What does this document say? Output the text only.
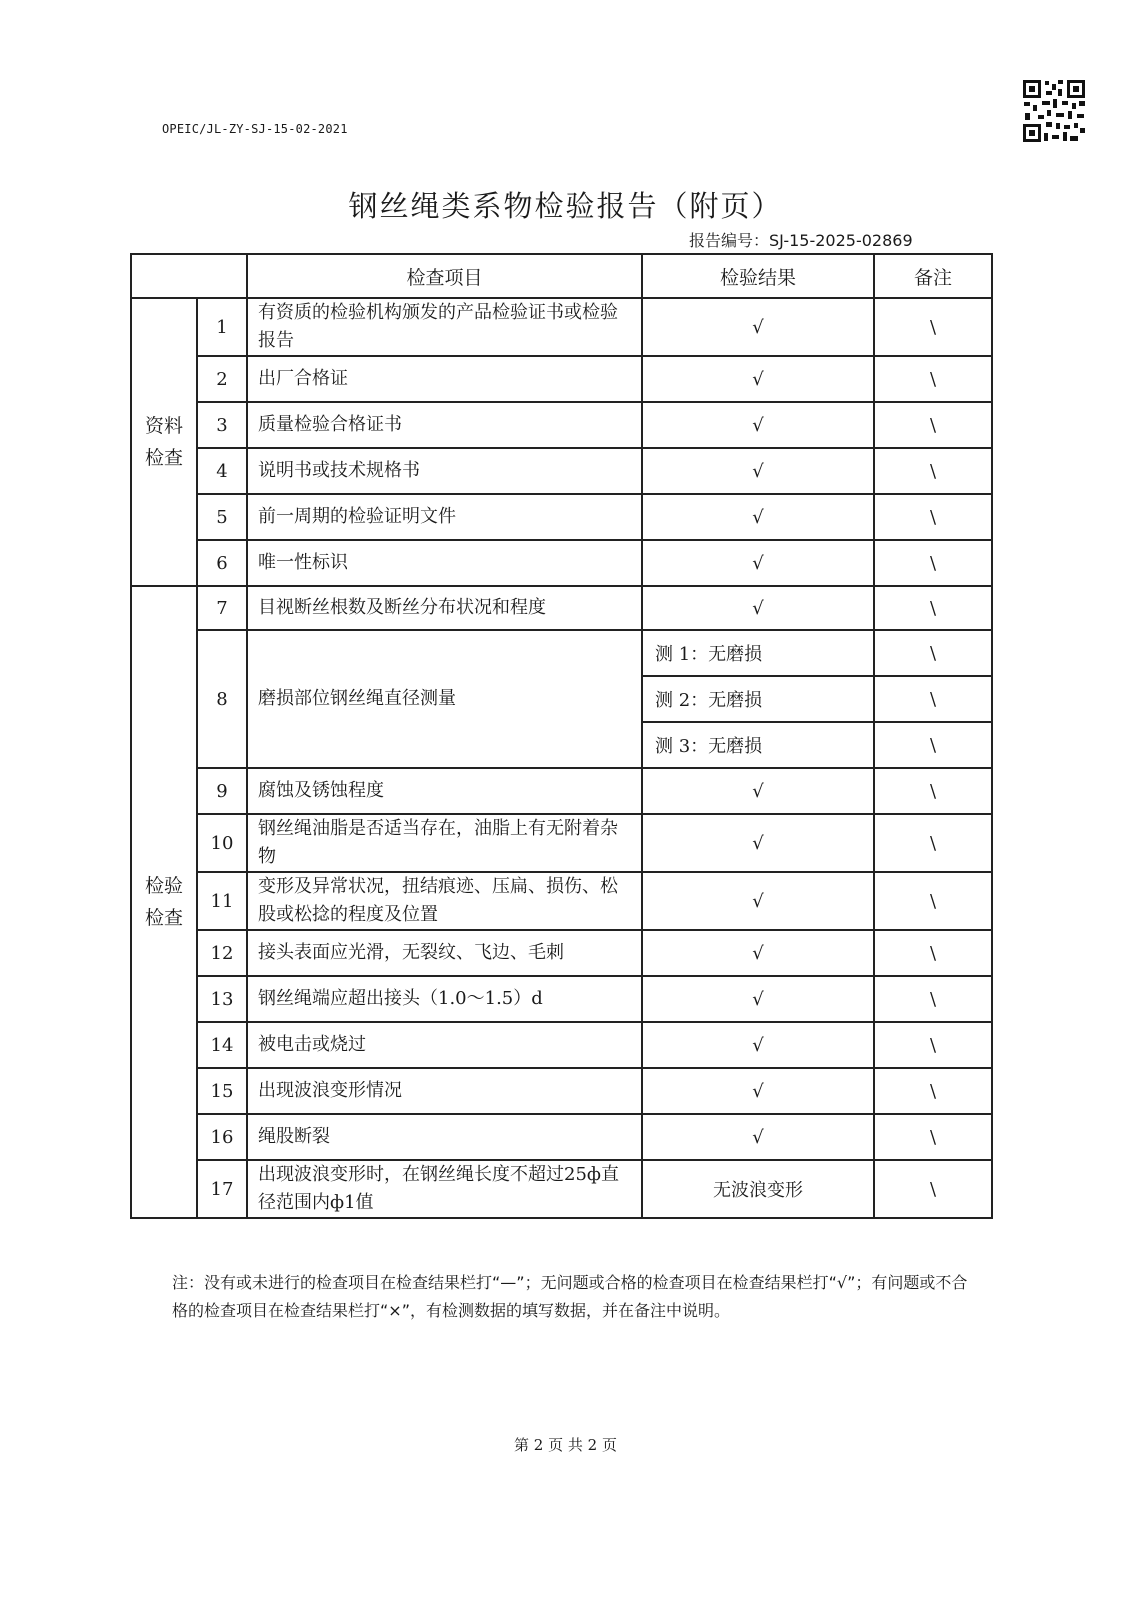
OPEIC/JL-ZY-SJ-15-02-2021
钢丝绳类系物检验报告（附页）
报告编号：SJ-15-2025-02869
		检查项目	检验结果	备注
资料检查	1	有资质的检验机构颁发的产品检验证书或检验报告	√	\
	2	出厂合格证	√	\
	3	质量检验合格证书	√	\
	4	说明书或技术规格书	√	\
	5	前一周期的检验证明文件	√	\
	6	唯一性标识	√	\
检验检查	7	目视断丝根数及断丝分布状况和程度	√	\
	8	磨损部位钢丝绳直径测量	测 1：无磨损	\
			测 2：无磨损	\
			测 3：无磨损	\
	9	腐蚀及锈蚀程度	√	\
	10	钢丝绳油脂是否适当存在，油脂上有无附着杂物	√	\
	11	变形及异常状况，扭结痕迹、压扁、损伤、松股或松捻的程度及位置	√	\
	12	接头表面应光滑，无裂纹、飞边、毛刺	√	\
	13	钢丝绳端应超出接头（1.0～1.5）d	√	\
	14	被电击或烧过	√	\
	15	出现波浪变形情况	√	\
	16	绳股断裂	√	\
	17	出现波浪变形时，在钢丝绳长度不超过25ф直径范围内ф1值	无波浪变形	\
注：没有或未进行的检查项目在检查结果栏打“—”；无问题或合格的检查项目在检查结果栏打“√”；有问题或不合格的检查项目在检查结果栏打“×”，有检测数据的填写数据，并在备注中说明。
第 2 页 共 2 页
